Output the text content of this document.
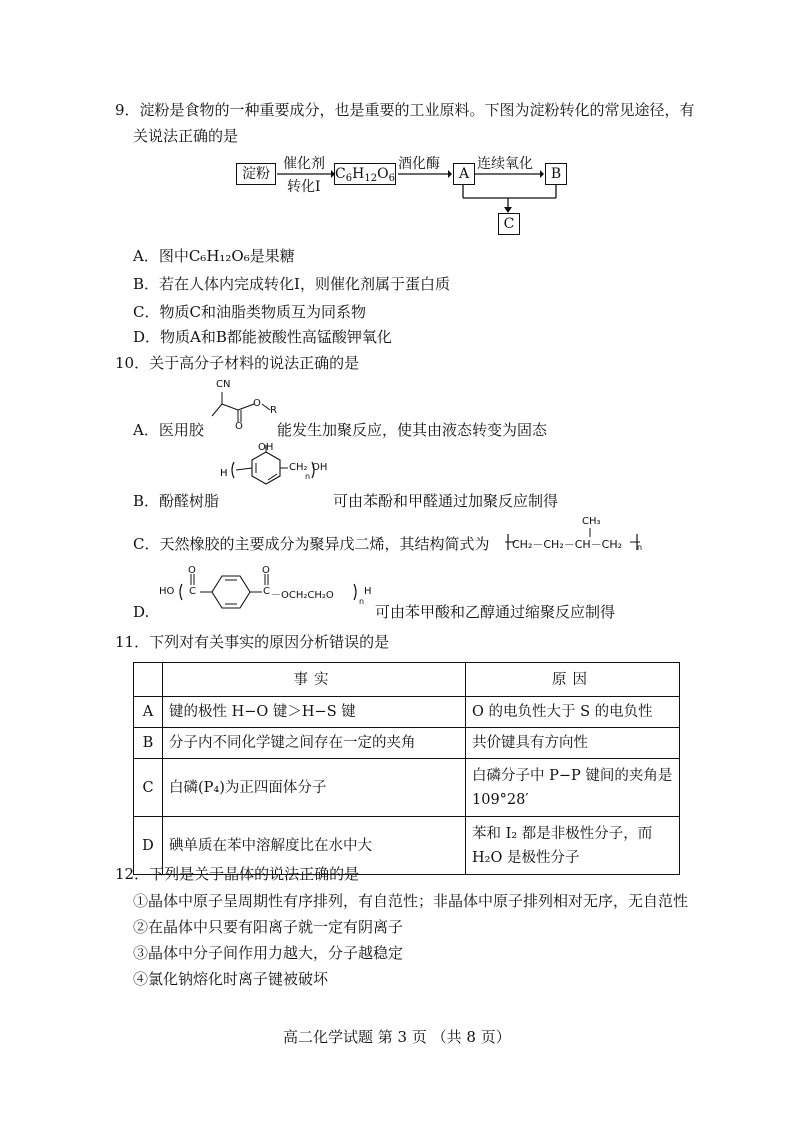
9．淀粉是食物的一种重要成分，也是重要的工业原料。下图为淀粉转化的常见途径，有
关说法正确的是
淀粉
催化剂
转化Ⅰ
$C_6H_{12}O_6$
酒化酶
A
连续氧化
B
C
A．图中C₆H₁₂O₆是果糖
B．若在人体内完成转化Ⅰ，则催化剂属于蛋白质
C．物质C和油脂类物质互为同系物
D．物质A和B都能被酸性高锰酸钾氧化
10．关于高分子材料的说法正确的是
A．医用胶
CN
O
R
O 能发生加聚反应，使其由液态转变为固态
B．酚醛树脂
H
OH
CH₂
n
OH
可由苯酚和甲醛通过加聚反应制得
C．天然橡胶的主要成分为聚异戊二烯，其结构简式为
CH₃
CH₂－CH₂－CH－CH₂ n
D.
HO
O
C
O
C －OCH₂CH₂O
n
H
可由苯甲酸和乙醇通过缩聚反应制得
11．下列对有关事实的原因分析错误的是
	事实	原因
A	键的极性 H−O 键＞H−S 键	O 的电负性大于 S 的电负性
B	分子内不同化学键之间存在一定的夹角	共价键具有方向性
C	白磷(P₄)为正四面体分子	白磷分子中 P−P 键间的夹角是 109°28′
D	碘单质在苯中溶解度比在水中大	苯和 I₂ 都是非极性分子，而 H₂O 是极性分子
12．下列是关于晶体的说法正确的是
①晶体中原子呈周期性有序排列，有自范性；非晶体中原子排列相对无序，无自范性
②在晶体中只要有阳离子就一定有阴离子
③晶体中分子间作用力越大，分子越稳定
④氯化钠熔化时离子键被破坏
高二化学试题 第 3 页 （共 8 页）
